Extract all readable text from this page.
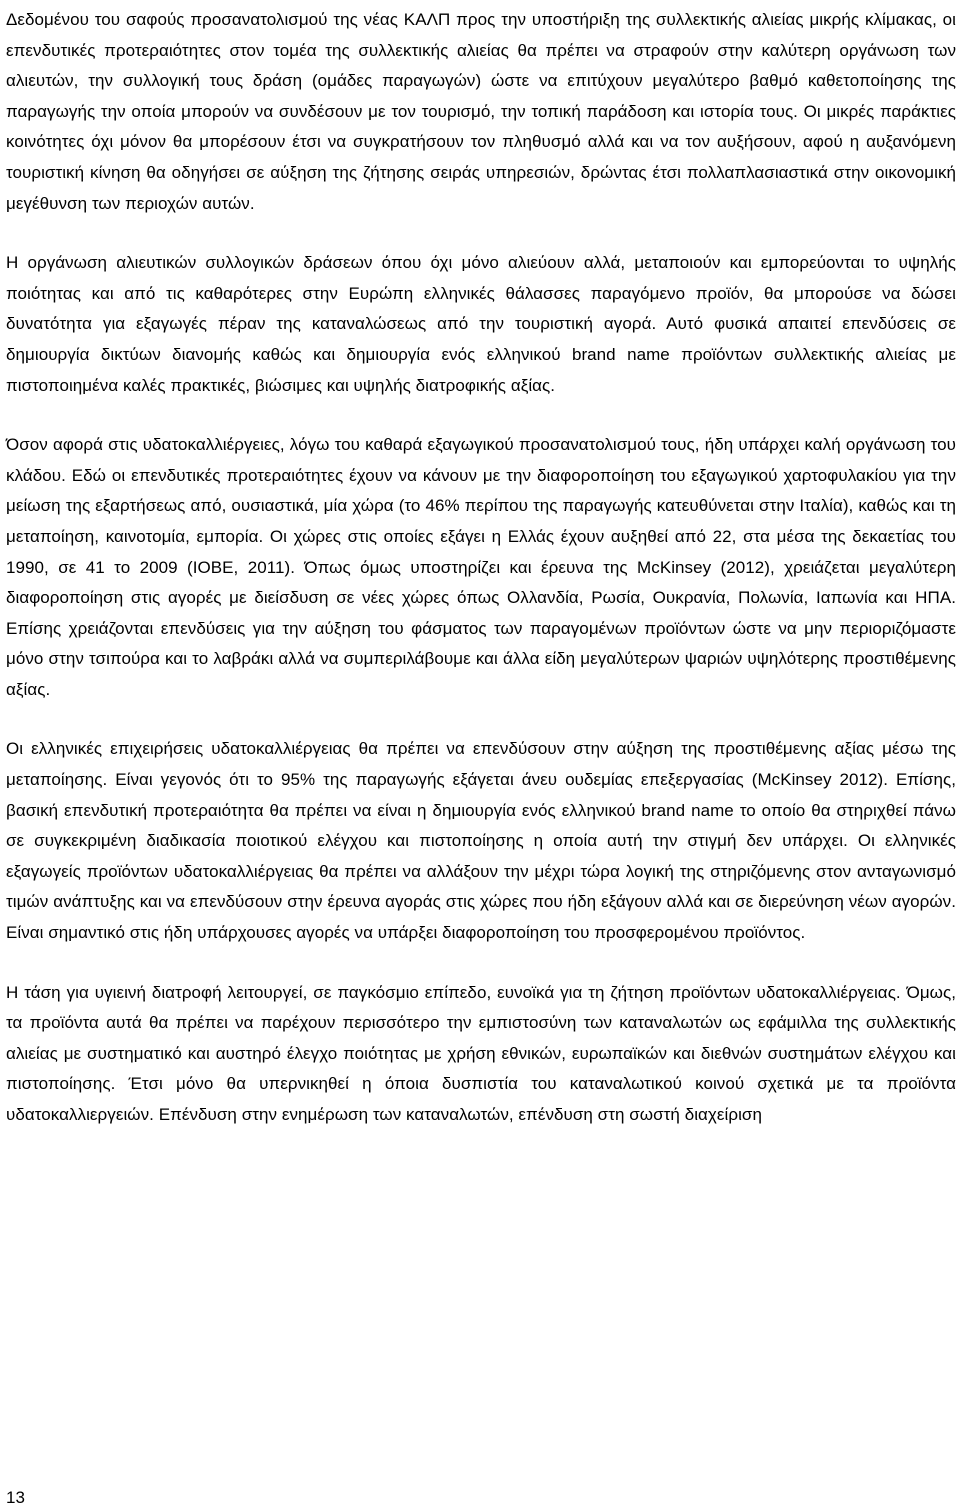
Δεδομένου του σαφούς προσανατολισμού της νέας ΚΑΛΠ προς την υποστήριξη της συλλεκτικής αλιείας μικρής κλίμακας, οι επενδυτικές προτεραιότητες στον τομέα της συλλεκτικής αλιείας θα πρέπει να στραφούν στην καλύτερη οργάνωση των αλιευτών, την συλλογική τους δράση (ομάδες παραγωγών) ώστε να επιτύχουν μεγαλύτερο βαθμό καθετοποίησης της παραγωγής την οποία μπορούν να συνδέσουν με τον τουρισμό, την τοπική παράδοση και ιστορία τους. Οι μικρές παράκτιες κοινότητες όχι μόνον θα μπορέσουν έτσι να συγκρατήσουν τον πληθυσμό αλλά και να τον αυξήσουν, αφού η αυξανόμενη τουριστική κίνηση θα οδηγήσει σε αύξηση της ζήτησης σειράς υπηρεσιών, δρώντας έτσι πολλαπλασιαστικά στην οικονομική μεγέθυνση των περιοχών αυτών.

Η οργάνωση αλιευτικών συλλογικών δράσεων όπου όχι μόνο αλιεύουν αλλά, μεταποιούν και εμπορεύονται το υψηλής ποιότητας και από τις καθαρότερες στην Ευρώπη ελληνικές θάλασσες παραγόμενο προϊόν, θα μπορούσε να δώσει δυνατότητα για εξαγωγές πέραν της καταναλώσεως από την τουριστική αγορά. Αυτό φυσικά απαιτεί επενδύσεις σε δημιουργία δικτύων διανομής καθώς και δημιουργία ενός ελληνικού brand name προϊόντων συλλεκτικής αλιείας με πιστοποιημένα καλές πρακτικές, βιώσιμες και υψηλής διατροφικής αξίας.

Όσον αφορά στις υδατοκαλλιέργειες, λόγω του καθαρά εξαγωγικού προσανατολισμού τους, ήδη υπάρχει καλή οργάνωση του κλάδου. Εδώ οι επενδυτικές προτεραιότητες έχουν να κάνουν με την διαφοροποίηση του εξαγωγικού χαρτοφυλακίου για την μείωση της εξαρτήσεως από, ουσιαστικά, μία χώρα (το 46% περίπου της παραγωγής κατευθύνεται στην Ιταλία), καθώς και τη μεταποίηση, καινοτομία, εμπορία. Οι χώρες στις οποίες εξάγει η Ελλάς έχουν αυξηθεί από 22, στα μέσα της δεκαετίας του 1990, σε 41 το 2009 (ΙΟΒΕ, 2011). Όπως όμως υποστηρίζει και έρευνα της McKinsey (2012), χρειάζεται μεγαλύτερη διαφοροποίηση στις αγορές με διείσδυση σε νέες χώρες όπως Ολλανδία, Ρωσία, Ουκρανία, Πολωνία, Ιαπωνία και ΗΠΑ. Επίσης χρειάζονται επενδύσεις για την αύξηση του φάσματος των παραγομένων προϊόντων ώστε να μην περιοριζόμαστε μόνο στην τσιπούρα και το λαβράκι αλλά να συμπεριλάβουμε και άλλα είδη μεγαλύτερων ψαριών υψηλότερης προστιθέμενης αξίας.

Οι ελληνικές επιχειρήσεις υδατοκαλλιέργειας θα πρέπει να επενδύσουν στην αύξηση της προστιθέμενης αξίας μέσω της μεταποίησης. Είναι γεγονός ότι το 95% της παραγωγής εξάγεται άνευ ουδεμίας επεξεργασίας (McKinsey 2012). Επίσης, βασική επενδυτική προτεραιότητα θα πρέπει να είναι η δημιουργία ενός ελληνικού brand name το οποίο θα στηριχθεί πάνω σε συγκεκριμένη διαδικασία ποιοτικού ελέγχου και πιστοποίησης η οποία αυτή την στιγμή δεν υπάρχει. Οι ελληνικές εξαγωγείς προϊόντων υδατοκαλλιέργειας θα πρέπει να αλλάξουν την μέχρι τώρα λογική της στηριζόμενης στον ανταγωνισμό τιμών ανάπτυξης και να επενδύσουν στην έρευνα αγοράς στις χώρες που ήδη εξάγουν αλλά και σε διερεύνηση νέων αγορών. Είναι σημαντικό στις ήδη υπάρχουσες αγορές να υπάρξει διαφοροποίηση του προσφερομένου προϊόντος.

Η τάση για υγιεινή διατροφή λειτουργεί, σε παγκόσμιο επίπεδο, ευνοϊκά για τη ζήτηση προϊόντων υδατοκαλλιέργειας. Όμως, τα προϊόντα αυτά θα πρέπει να παρέχουν περισσότερο την εμπιστοσύνη των καταναλωτών ως εφάμιλλα της συλλεκτικής αλιείας με συστηματικό και αυστηρό έλεγχο ποιότητας με χρήση εθνικών, ευρωπαϊκών και διεθνών συστημάτων ελέγχου και πιστοποίησης. Έτσι μόνο θα υπερνικηθεί η όποια δυσπιστία του καταναλωτικού κοινού σχετικά με τα προϊόντα υδατοκαλλιεργειών. Επένδυση στην ενημέρωση των καταναλωτών, επένδυση στη σωστή διαχείριση

13
